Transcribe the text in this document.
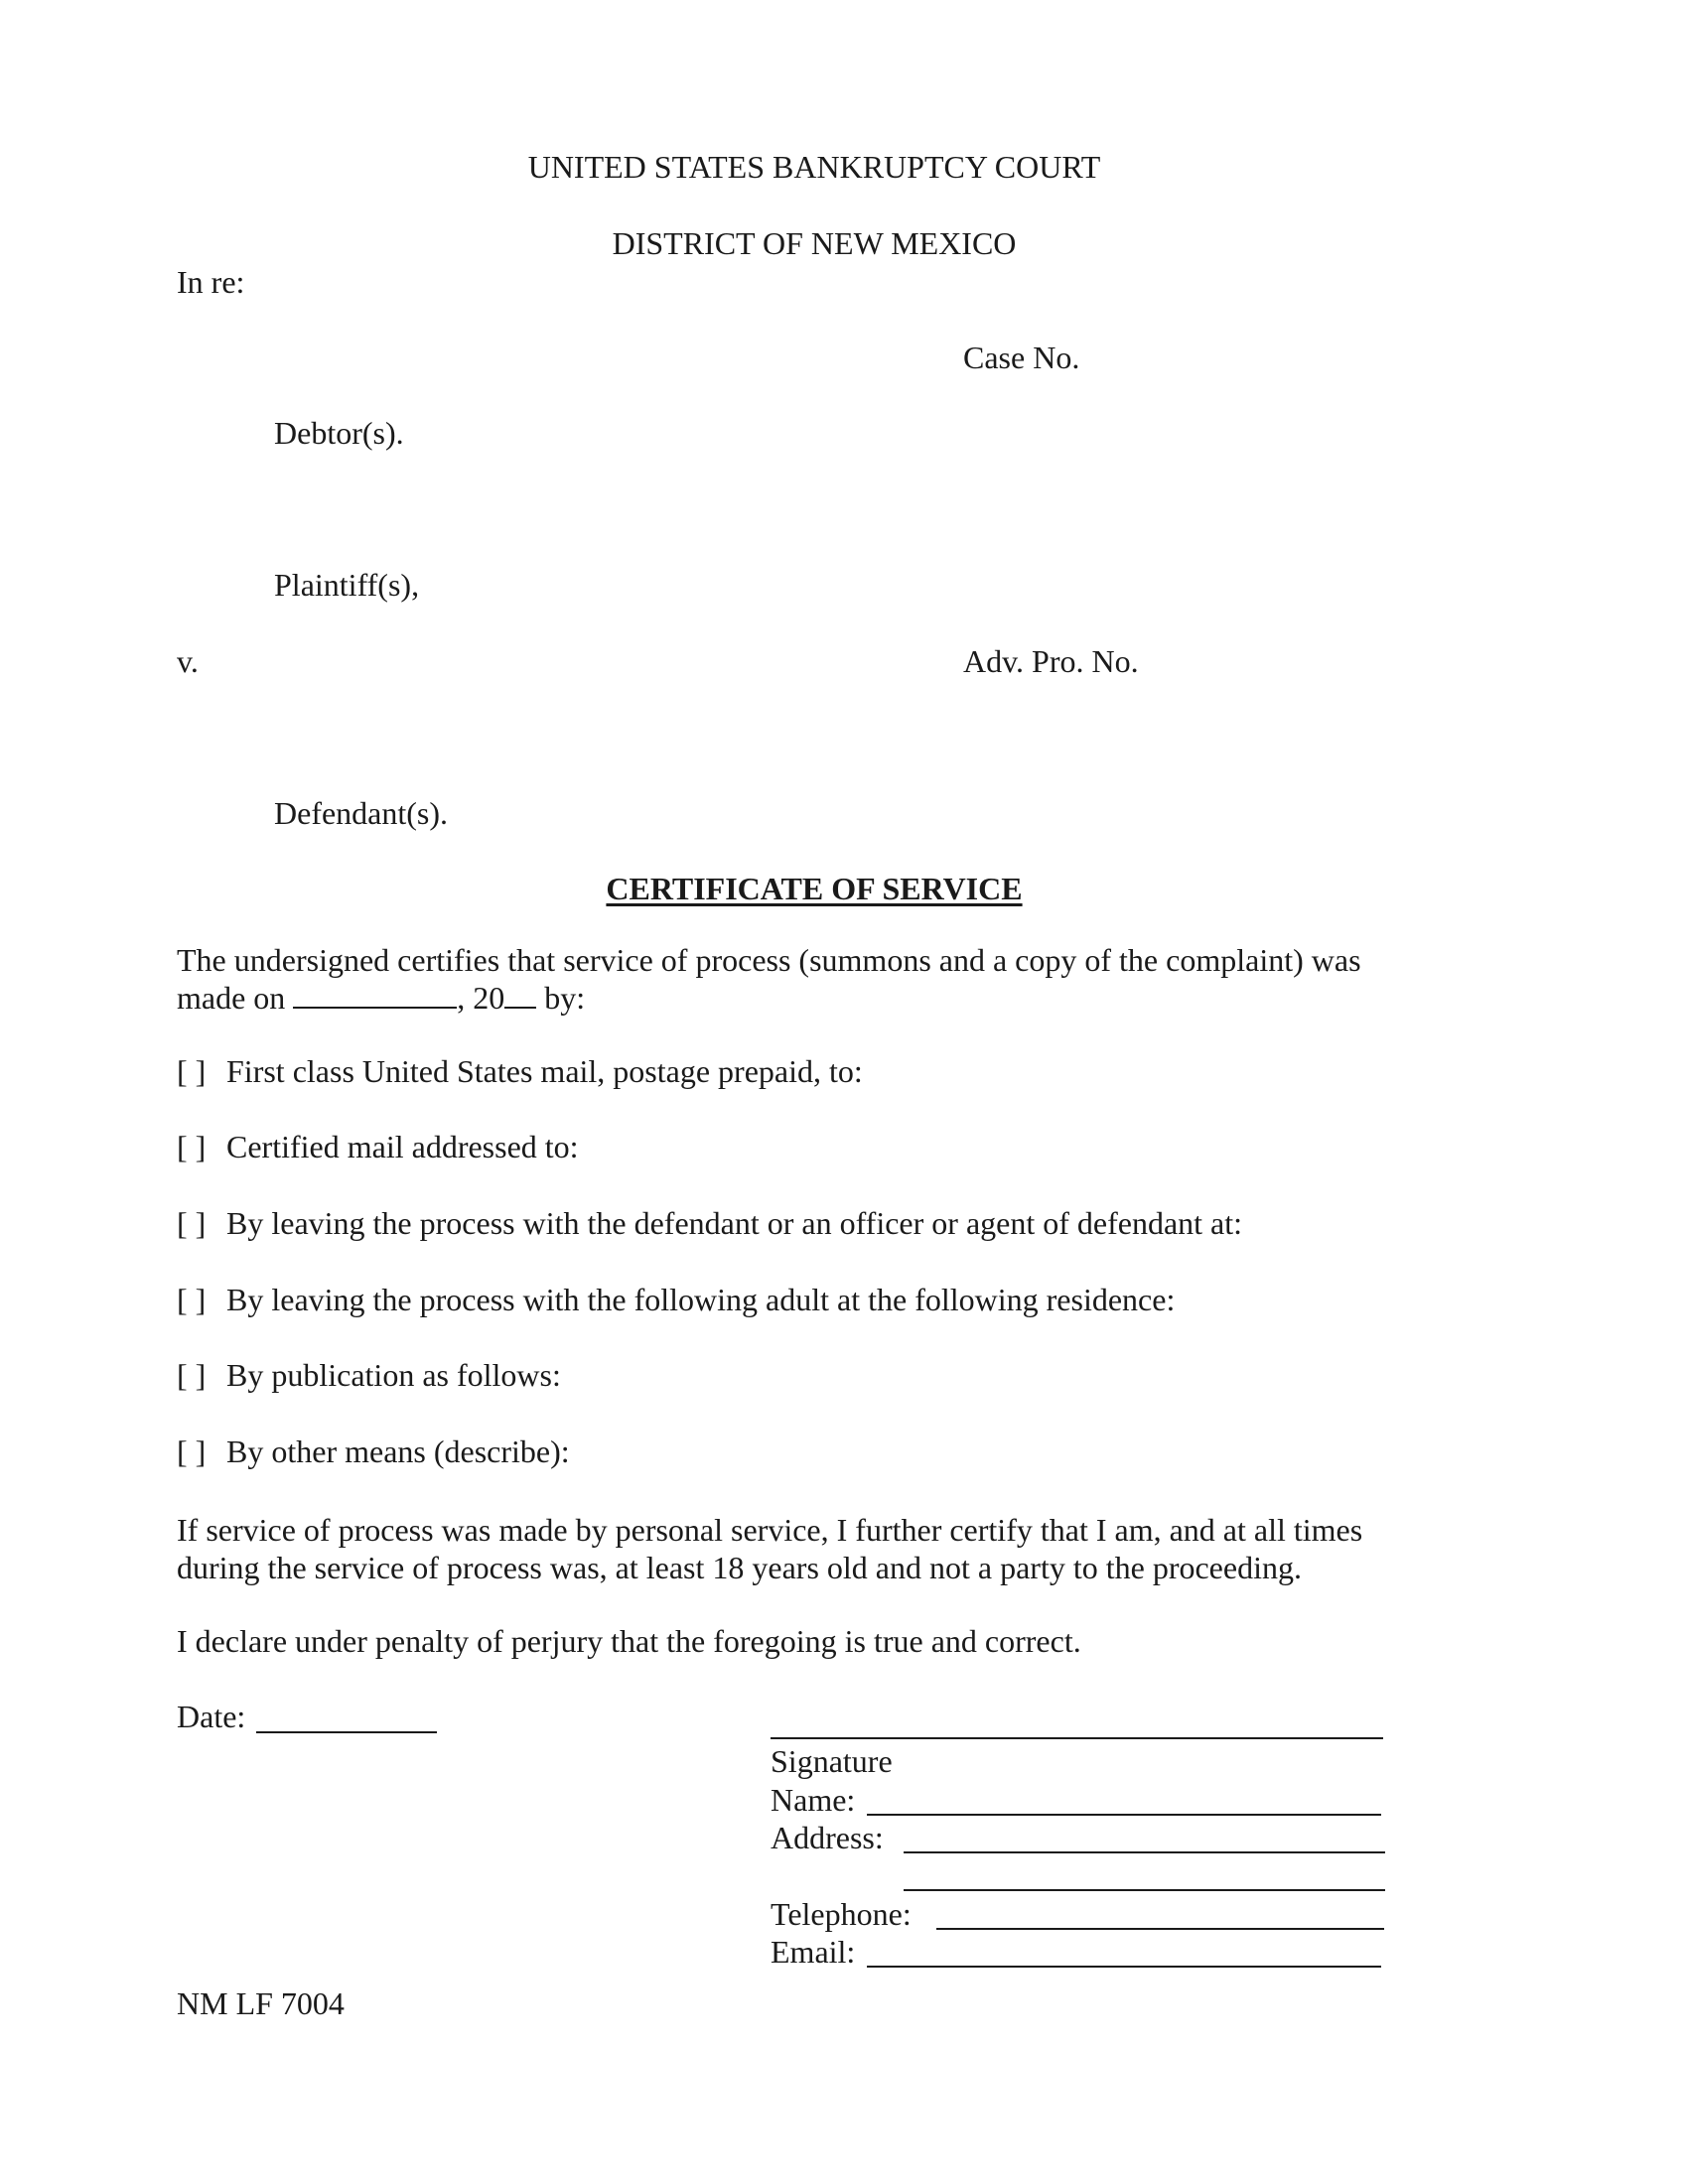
UNITED STATES BANKRUPTCY COURT
DISTRICT OF NEW MEXICO
In re:
Case No.
Debtor(s).
Plaintiff(s),
v.	Adv. Pro. No.
Defendant(s).
CERTIFICATE OF SERVICE
The undersigned certifies that service of process (summons and a copy of the complaint) was
made on	, 20 by:
[ ] First class United States mail, postage prepaid, to:
[ ] Certified mail addressed to:
[ ] By leaving the process with the defendant or an officer or agent of defendant at:
[ ] By leaving the process with the following adult at the following residence:
[ ] By publication as follows:
[ ] By other means (describe):
If service of process was made by personal service, I further certify that I am, and at all times
during the service of process was, at least 18 years old and not a party to the proceeding.
I declare under penalty of perjury that the foregoing is true and correct.
Date:
Signature
Name:
Address:
Telephone:
Email:
NM LF 7004
